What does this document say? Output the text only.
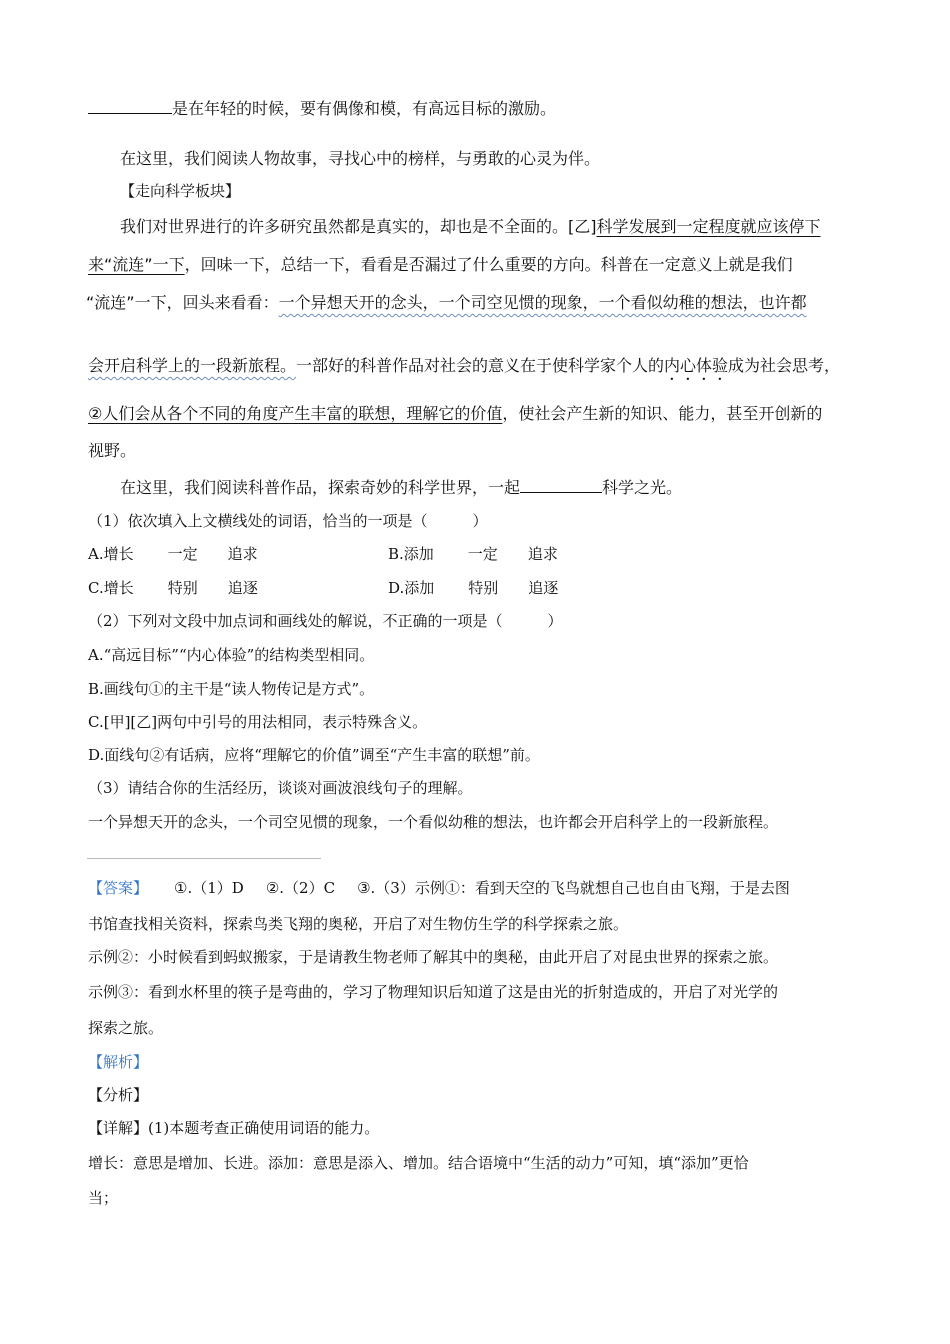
是在年轻的时候，要有偶像和模，有高远目标的激励。
在这里，我们阅读人物故事，寻找心中的榜样，与勇敢的心灵为伴。
【走向科学板块】
我们对世界进行的许多研究虽然都是真实的，却也是不全面的。[乙]科学发展到一定程度就应该停下
来“流连”一下，回味一下，总结一下，看看是否漏过了什么重要的方向。科普在一定意义上就是我们
“流连”一下，回头来看看：一个异想天开的念头，一个司空见惯的现象，一个看似幼稚的想法，也许都
会开启科学上的一段新旅程。一部好的科普作品对社会的意义在于使科学家个人的内心体验成为社会思考，
②人们会从各个不同的角度产生丰富的联想，理解它的价值，使社会产生新的知识、能力，甚至开创新的
视野。
在这里，我们阅读科普作品，探索奇妙的科学世界，一起	科学之光。
（1）依次填入上文横线处的词语，恰当的一项是（　　　）
A.增长 一定 追求	B.添加 一定 追求
C.增长 特别 追逐	D.添加 特别 追逐
（2）下列对文段中加点词和画线处的解说，不正确的一项是（　　　）
A.“高远目标”“内心体验”的结构类型相同。
B.画线句①的主干是“读人物传记是方式”。
C.[甲][乙]两句中引号的用法相同，表示特殊含义。
D.面线句②有话病，应将“理解它的价值”调至“产生丰富的联想”前。
（3）请结合你的生活经历，谈谈对画波浪线句子的理解。
一个异想天开的念头，一个司空见惯的现象，一个看似幼稚的想法，也许都会开启科学上的一段新旅程。
【答案】 ①.（1）D ②.（2）C ③.（3）示例①：看到天空的飞鸟就想自己也自由飞翔，于是去图
书馆查找相关资料，探索鸟类飞翔的奥秘，开启了对生物仿生学的科学探索之旅。
示例②：小时候看到蚂蚁搬家，于是请教生物老师了解其中的奥秘，由此开启了对昆虫世界的探索之旅。
示例③：看到水杯里的筷子是弯曲的，学习了物理知识后知道了这是由光的折射造成的，开启了对光学的
探索之旅。
【解析】
【分析】
【详解】(1)本题考查正确使用词语的能力。
增长：意思是增加、长进。添加：意思是添入、增加。结合语境中“生活的动力”可知，填“添加”更恰
当；
